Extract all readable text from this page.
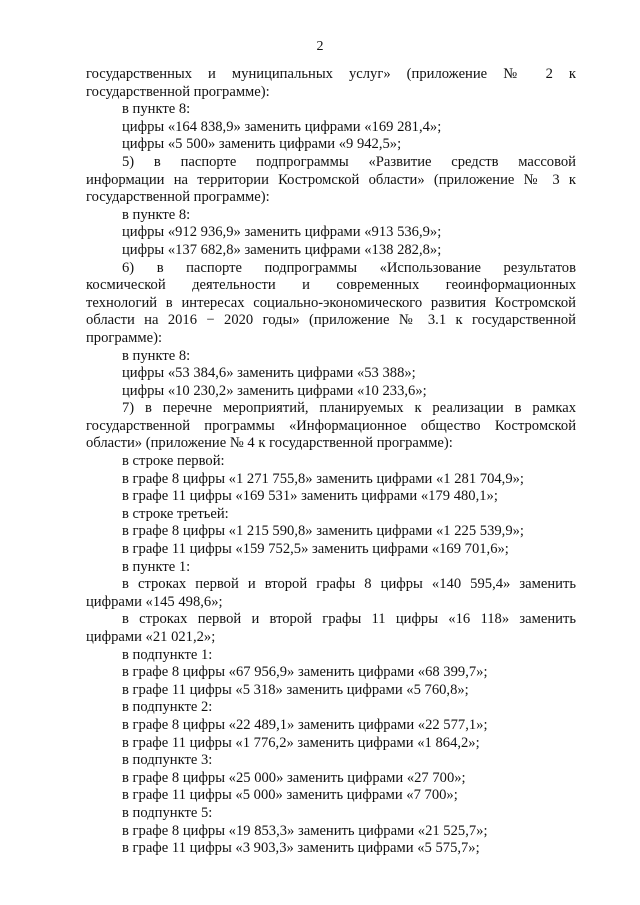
2
государственных и муниципальных услуг» (приложение № 2 к
государственной программе):
в пункте 8:
цифры «164 838,9» заменить цифрами «169 281,4»;
цифры «5 500» заменить цифрами «9 942,5»;
5) в паспорте подпрограммы «Развитие средств массовой
информации на территории Костромской области» (приложение № 3 к
государственной программе):
в пункте 8:
цифры «912 936,9» заменить цифрами «913 536,9»;
цифры «137 682,8» заменить цифрами «138 282,8»;
6) в паспорте подпрограммы «Использование результатов
космической деятельности и современных геоинформационных
технологий в интересах социально-экономического развития Костромской
области на 2016 − 2020 годы» (приложение № 3.1 к государственной
программе):
в пункте 8:
цифры «53 384,6» заменить цифрами «53 388»;
цифры «10 230,2» заменить цифрами «10 233,6»;
7) в перечне мероприятий, планируемых к реализации в рамках
государственной программы «Информационное общество Костромской
области» (приложение № 4 к государственной программе):
в строке первой:
в графе 8 цифры «1 271 755,8» заменить цифрами «1 281 704,9»;
в графе 11 цифры «169 531» заменить цифрами «179 480,1»;
в строке третьей:
в графе 8 цифры «1 215 590,8» заменить цифрами «1 225 539,9»;
в графе 11 цифры «159 752,5» заменить цифрами «169 701,6»;
в пункте 1:
в строках первой и второй графы 8 цифры «140 595,4» заменить
цифрами «145 498,6»;
в строках первой и второй графы 11 цифры «16 118» заменить
цифрами «21 021,2»;
в подпункте 1:
в графе 8 цифры «67 956,9» заменить цифрами «68 399,7»;
в графе 11 цифры «5 318» заменить цифрами «5 760,8»;
в подпункте 2:
в графе 8 цифры «22 489,1» заменить цифрами «22 577,1»;
в графе 11 цифры «1 776,2» заменить цифрами «1 864,2»;
в подпункте 3:
в графе 8 цифры «25 000» заменить цифрами «27 700»;
в графе 11 цифры «5 000» заменить цифрами «7 700»;
в подпункте 5:
в графе 8 цифры «19 853,3» заменить цифрами «21 525,7»;
в графе 11 цифры «3 903,3» заменить цифрами «5 575,7»;
